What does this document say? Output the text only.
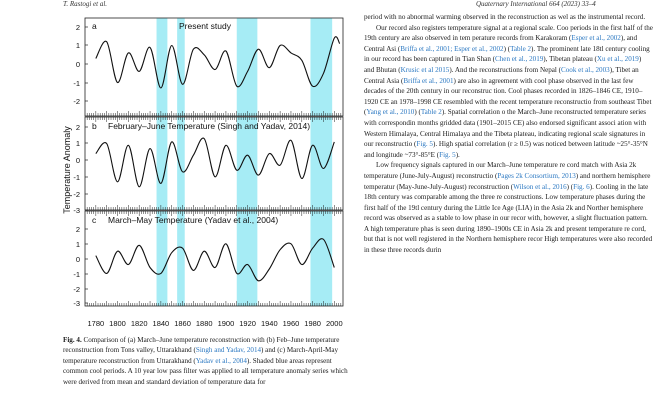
T. Rastogi et al.	Quaternary International 664 (2023) 33–4
2
1
0
-1
-2
a	Present study
2
1
0
-1
-2
-3
b February–June Temperature (Singh and Yadav, 2014)
2
1
0
-1
-2
-3
c March–May Temperature (Yadav et al., 2004)
1780 1800 1820 1840 1860 1880 1900 1920 1940 1960 1980 2000
Temperature Anomaly

Fig. 4. Comparison of (a) March–June temperature reconstruction with (b) Feb–June temperature reconstruction from Tons valley, Uttarakhand (Singh and Yadav, 2014) and (c) March-April-May temperature reconstruction from Uttarakhand (Yadav et al., 2004). Shaded blue areas represent common cool periods. A 10 year low pass filter was applied to all temperature anomaly series which were derived from mean and standard deviation of temperature data for

period with no abnormal warming observed in the reconstruction as wel as the instrumental record.

Our record also registers temperature signal at a regional scale. Coo periods in the first half of the 19th century are also observed in tem perature records from Karakoram (Esper et al., 2002), and Central Asi (Briffa et al., 2001; Esper et al., 2002) (Table 2). The prominent late 18tl century cooling in our record has been captured in Tian Shan (Chen et al., 2019), Tibetan plateau (Xu et al., 2019) and Bhutan (Krusic et al 2015). And the reconstructions from Nepal (Cook et al., 2003), Tibet an Central Asia (Briffa et al., 2001) are also in agreement with cool phase observed in the last few decades of the 20th century in our reconstruc tion. Cool phases recorded in 1826–1846 CE, 1910–1920 CE an 1978–1998 CE resembled with the recent temperature reconstructio from southeast Tibet (Yang et al., 2010) (Table 2). Spatial correlation o the March–June reconstructed temperature series with correspondin months gridded data (1901–2015 CE) also endorsed significant associ ation with Western Himalaya, Central Himalaya and the Tibeta plateau, indicating regional scale signatures in our reconstructio (Fig. 5). High spatial correlation (r ≥ 0.5) was noticed between latitude ~25°-35°N and longitude ~73°-85°E (Fig. 5).

Low frequency signals captured in our March–June temperature re cord match with Asia 2k temperature (June-July-August) reconstructio (Pages 2k Consortium, 2013) and northern hemisphere temperatur (May-June-July-August) reconstruction (Wilson et al., 2016) (Fig. 6). Cooling in the late 18th century was comparable among the three re constructions. Low temperature phases during the first half of the 19tl century during the Little Ice Age (LIA) in the Asia 2k and Norther hemisphere record was observed as a stable to low phase in our recor with, however, a slight fluctuation pattern. A high temperature phas is seen during 1890–1900s CE in Asia 2k and present temperature re cord, but that is not well registered in the Northern hemisphere recor High temperatures were also recorded in these three records durin
